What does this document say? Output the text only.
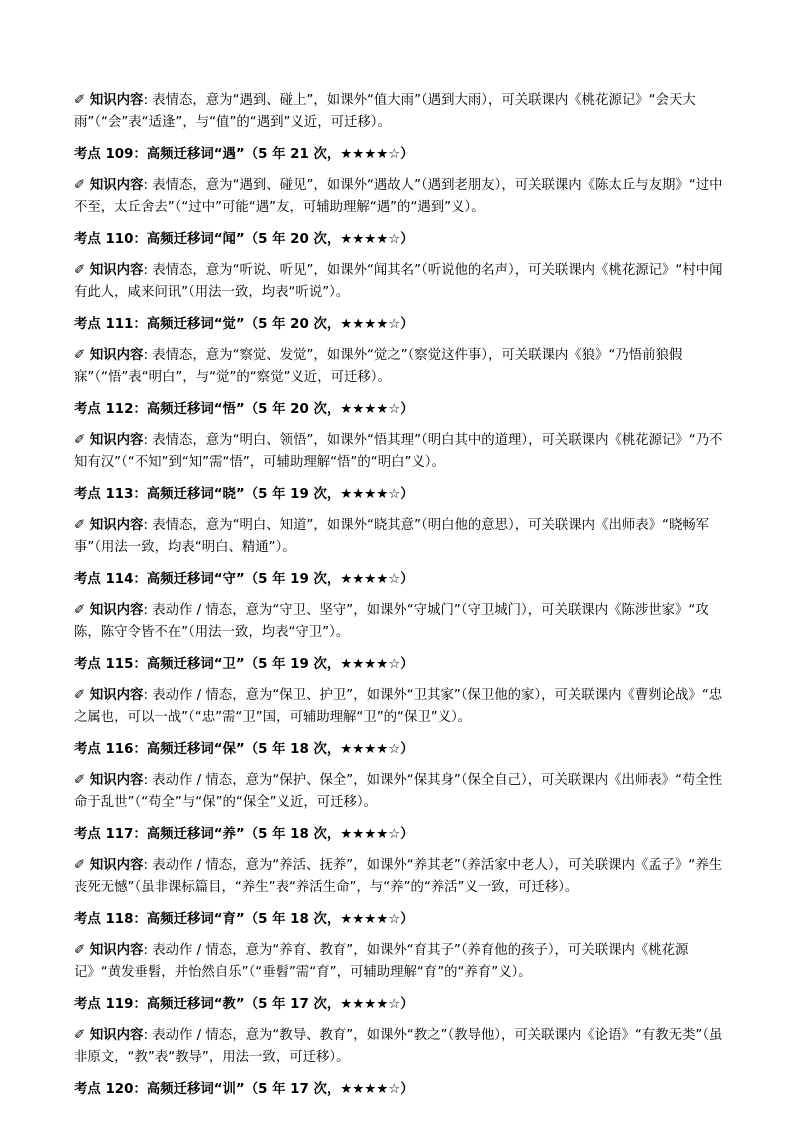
✐ 知识内容: 表情态，意为“遇到、碰上”，如课外“值大雨”（遇到大雨），可关联课内《桃花源记》“会天大雨”（“会”表“适逢”，与“值”的“遇到”义近，可迁移）。

考点 109：高频迁移词“遇”（5 年 21 次，★★★★☆）

✐ 知识内容: 表情态，意为“遇到、碰见”，如课外“遇故人”（遇到老朋友），可关联课内《陈太丘与友期》“过中不至，太丘舍去”（“过中”可能“遇”友，可辅助理解“遇”的“遇到”义）。

考点 110：高频迁移词“闻”（5 年 20 次，★★★★☆）

✐ 知识内容: 表情态，意为“听说、听见”，如课外“闻其名”（听说他的名声），可关联课内《桃花源记》“村中闻有此人，咸来问讯”（用法一致，均表“听说”）。

考点 111：高频迁移词“觉”（5 年 20 次，★★★★☆）

✐ 知识内容: 表情态，意为“察觉、发觉”，如课外“觉之”（察觉这件事），可关联课内《狼》“乃悟前狼假寐”（“悟”表“明白”，与“觉”的“察觉”义近，可迁移）。

考点 112：高频迁移词“悟”（5 年 20 次，★★★★☆）

✐ 知识内容: 表情态，意为“明白、领悟”，如课外“悟其理”（明白其中的道理），可关联课内《桃花源记》“乃不知有汉”（“不知”到“知”需“悟”，可辅助理解“悟”的“明白”义）。

考点 113：高频迁移词“晓”（5 年 19 次，★★★★☆）

✐ 知识内容: 表情态，意为“明白、知道”，如课外“晓其意”（明白他的意思），可关联课内《出师表》“晓畅军事”（用法一致，均表“明白、精通”）。

考点 114：高频迁移词“守”（5 年 19 次，★★★★☆）

✐ 知识内容: 表动作 / 情态，意为“守卫、坚守”，如课外“守城门”（守卫城门），可关联课内《陈涉世家》“攻陈，陈守令皆不在”（用法一致，均表“守卫”）。

考点 115：高频迁移词“卫”（5 年 19 次，★★★★☆）

✐ 知识内容: 表动作 / 情态，意为“保卫、护卫”，如课外“卫其家”（保卫他的家），可关联课内《曹刿论战》“忠之属也，可以一战”（“忠”需“卫”国，可辅助理解“卫”的“保卫”义）。

考点 116：高频迁移词“保”（5 年 18 次，★★★★☆）

✐ 知识内容: 表动作 / 情态，意为“保护、保全”，如课外“保其身”（保全自己），可关联课内《出师表》“苟全性命于乱世”（“苟全”与“保”的“保全”义近，可迁移）。

考点 117：高频迁移词“养”（5 年 18 次，★★★★☆）

✐ 知识内容: 表动作 / 情态，意为“养活、抚养”，如课外“养其老”（养活家中老人），可关联课内《孟子》“养生丧死无憾”（虽非课标篇目，“养生”表“养活生命”，与“养”的“养活”义一致，可迁移）。

考点 118：高频迁移词“育”（5 年 18 次，★★★★☆）

✐ 知识内容: 表动作 / 情态，意为“养育、教育”，如课外“育其子”（养育他的孩子），可关联课内《桃花源记》“黄发垂髫，并怡然自乐”（“垂髫”需“育”，可辅助理解“育”的“养育”义）。

考点 119：高频迁移词“教”（5 年 17 次，★★★★☆）

✐ 知识内容: 表动作 / 情态，意为“教导、教育”，如课外“教之”（教导他），可关联课内《论语》“有教无类”（虽非原文，“教”表“教导”，用法一致，可迁移）。

考点 120：高频迁移词“训”（5 年 17 次，★★★★☆）
